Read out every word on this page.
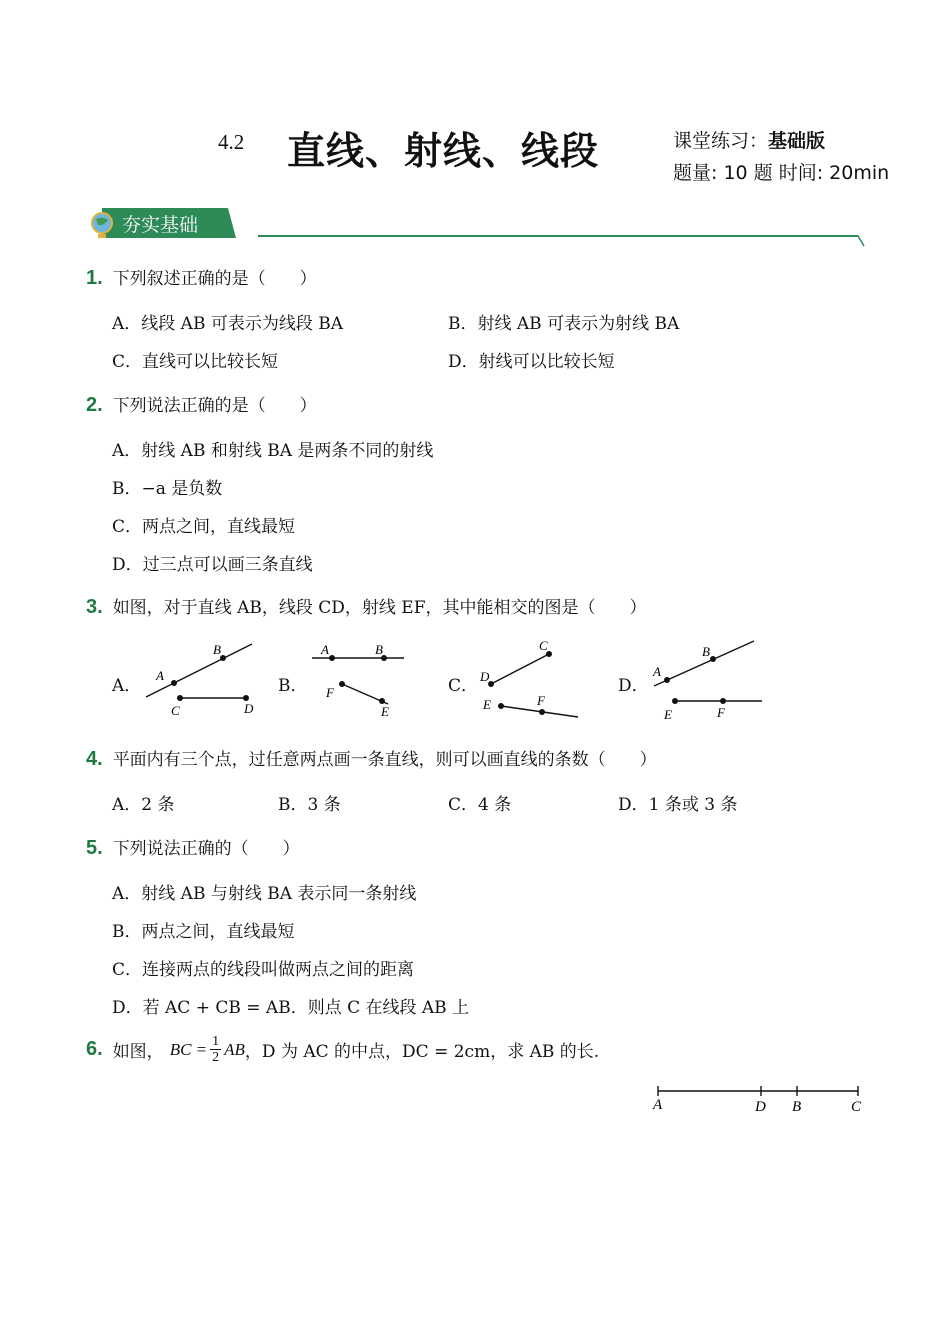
4.2 直线、射线、线段	课堂练习：基础版
题量: 10 题 时间: 20min
夯实基础
1. 下列叙述正确的是（　　）
A．线段 AB 可表示为线段 BA	B．射线 AB 可表示为射线 BA
C．直线可以比较长短	D．射线可以比较长短
2. 下列说法正确的是（　　）
A．射线 AB 和射线 BA 是两条不同的射线
B．−a 是负数
C．两点之间，直线最短
D．过三点可以画三条直线
3. 如图，对于直线 AB，线段 CD，射线 EF，其中能相交的图是（　　）
A．	B．	C．	D．
A
B
C	D
A	B
F
E
D
C
E	F
A
B
E	F
4. 平面内有三个点，过任意两点画一条直线，则可以画直线的条数（　　）
A．2 条	B．3 条	C．4 条	D．1 条或 3 条
5. 下列说法正确的（　　）
A．射线 AB 与射线 BA 表示同一条射线
B．两点之间，直线最短
C．连接两点的线段叫做两点之间的距离
D．若 AC + CB = AB．则点 C 在线段 AB 上
6. 如图， BC = 1
2 AB ，D 为 AC 的中点，DC = 2cm，求 AB 的长.
A	D B	C
